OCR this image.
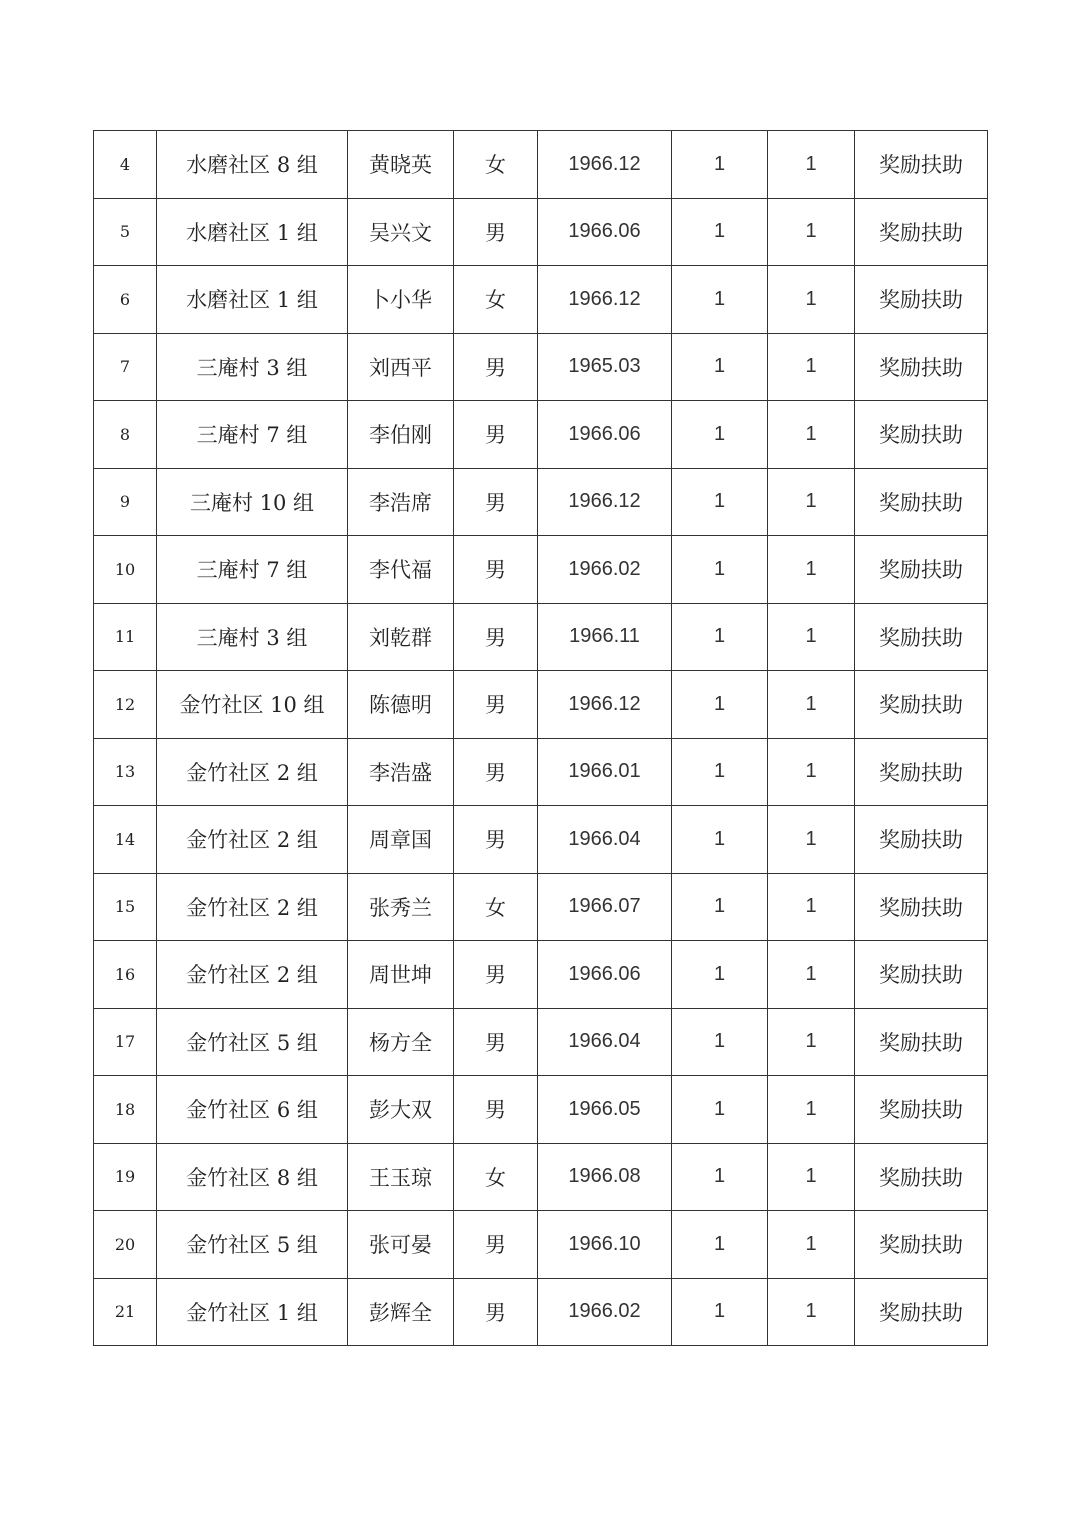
4	水磨社区 8 组	黄晓英	女	1966.12	1	1	奖励扶助
5	水磨社区 1 组	吴兴文	男	1966.06	1	1	奖励扶助
6	水磨社区 1 组	卜小华	女	1966.12	1	1	奖励扶助
7	三庵村 3 组	刘西平	男	1965.03	1	1	奖励扶助
8	三庵村 7 组	李伯刚	男	1966.06	1	1	奖励扶助
9	三庵村 10 组	李浩席	男	1966.12	1	1	奖励扶助
10	三庵村 7 组	李代福	男	1966.02	1	1	奖励扶助
11	三庵村 3 组	刘乾群	男	1966.11	1	1	奖励扶助
12	金竹社区 10 组	陈德明	男	1966.12	1	1	奖励扶助
13	金竹社区 2 组	李浩盛	男	1966.01	1	1	奖励扶助
14	金竹社区 2 组	周章国	男	1966.04	1	1	奖励扶助
15	金竹社区 2 组	张秀兰	女	1966.07	1	1	奖励扶助
16	金竹社区 2 组	周世坤	男	1966.06	1	1	奖励扶助
17	金竹社区 5 组	杨方全	男	1966.04	1	1	奖励扶助
18	金竹社区 6 组	彭大双	男	1966.05	1	1	奖励扶助
19	金竹社区 8 组	王玉琼	女	1966.08	1	1	奖励扶助
20	金竹社区 5 组	张可晏	男	1966.10	1	1	奖励扶助
21	金竹社区 1 组	彭辉全	男	1966.02	1	1	奖励扶助
